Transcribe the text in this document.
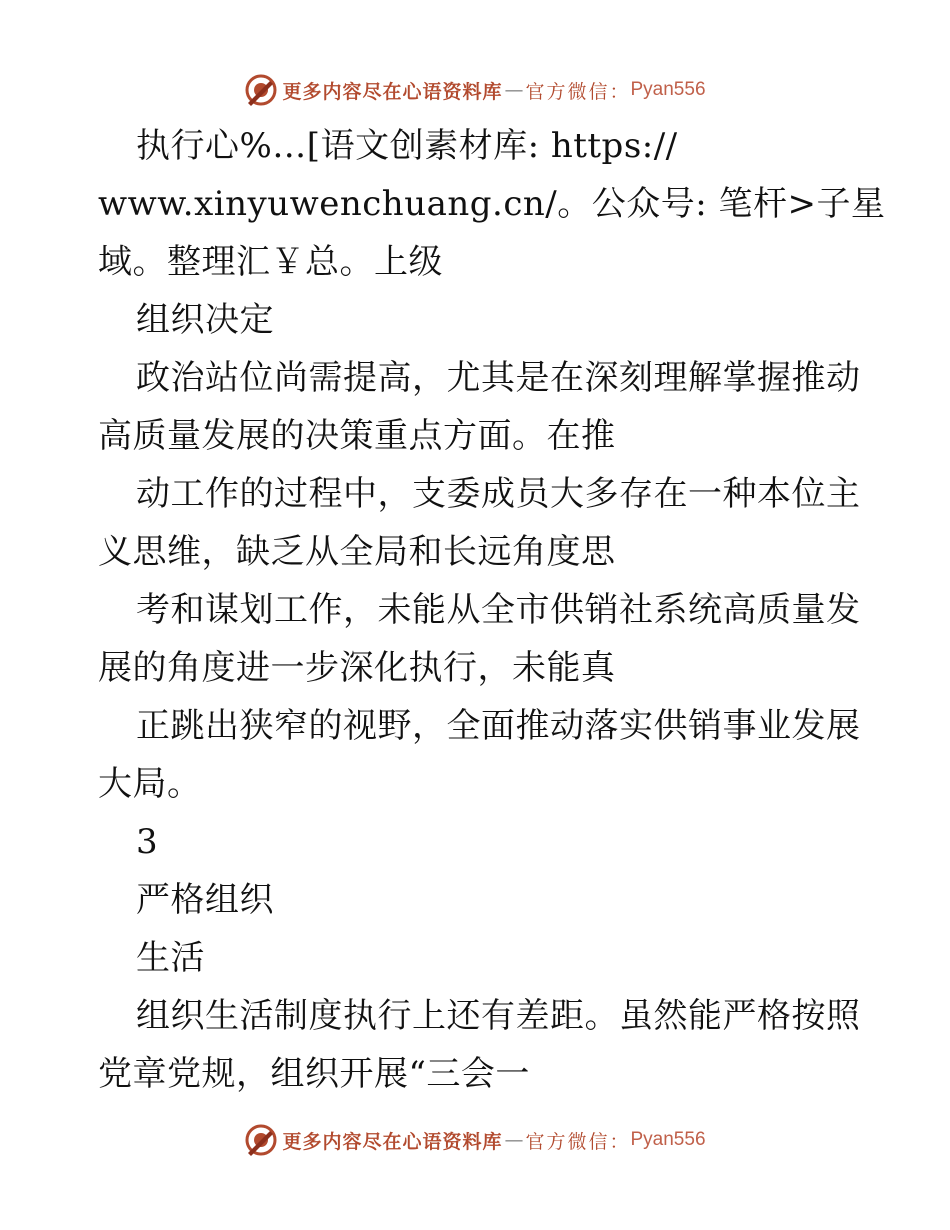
更多内容尽在心语资料库 — 官方微信： Pyan556
执行心%…[语文创素材库: https://
www.xinyuwenchuang.cn/。公众号: 笔杆>子星
域。整理汇￥总。上级
组织决定
政治站位尚需提高，尤其是在深刻理解掌握推动
高质量发展的决策重点方面。在推
动工作的过程中，支委成员大多存在一种本位主
义思维，缺乏从全局和长远角度思
考和谋划工作，未能从全市供销社系统高质量发
展的角度进一步深化执行，未能真
正跳出狭窄的视野，全面推动落实供销事业发展
大局。
3
严格组织
生活
组织生活制度执行上还有差距。虽然能严格按照
党章党规，组织开展“三会一
更多内容尽在心语资料库 — 官方微信： Pyan556
